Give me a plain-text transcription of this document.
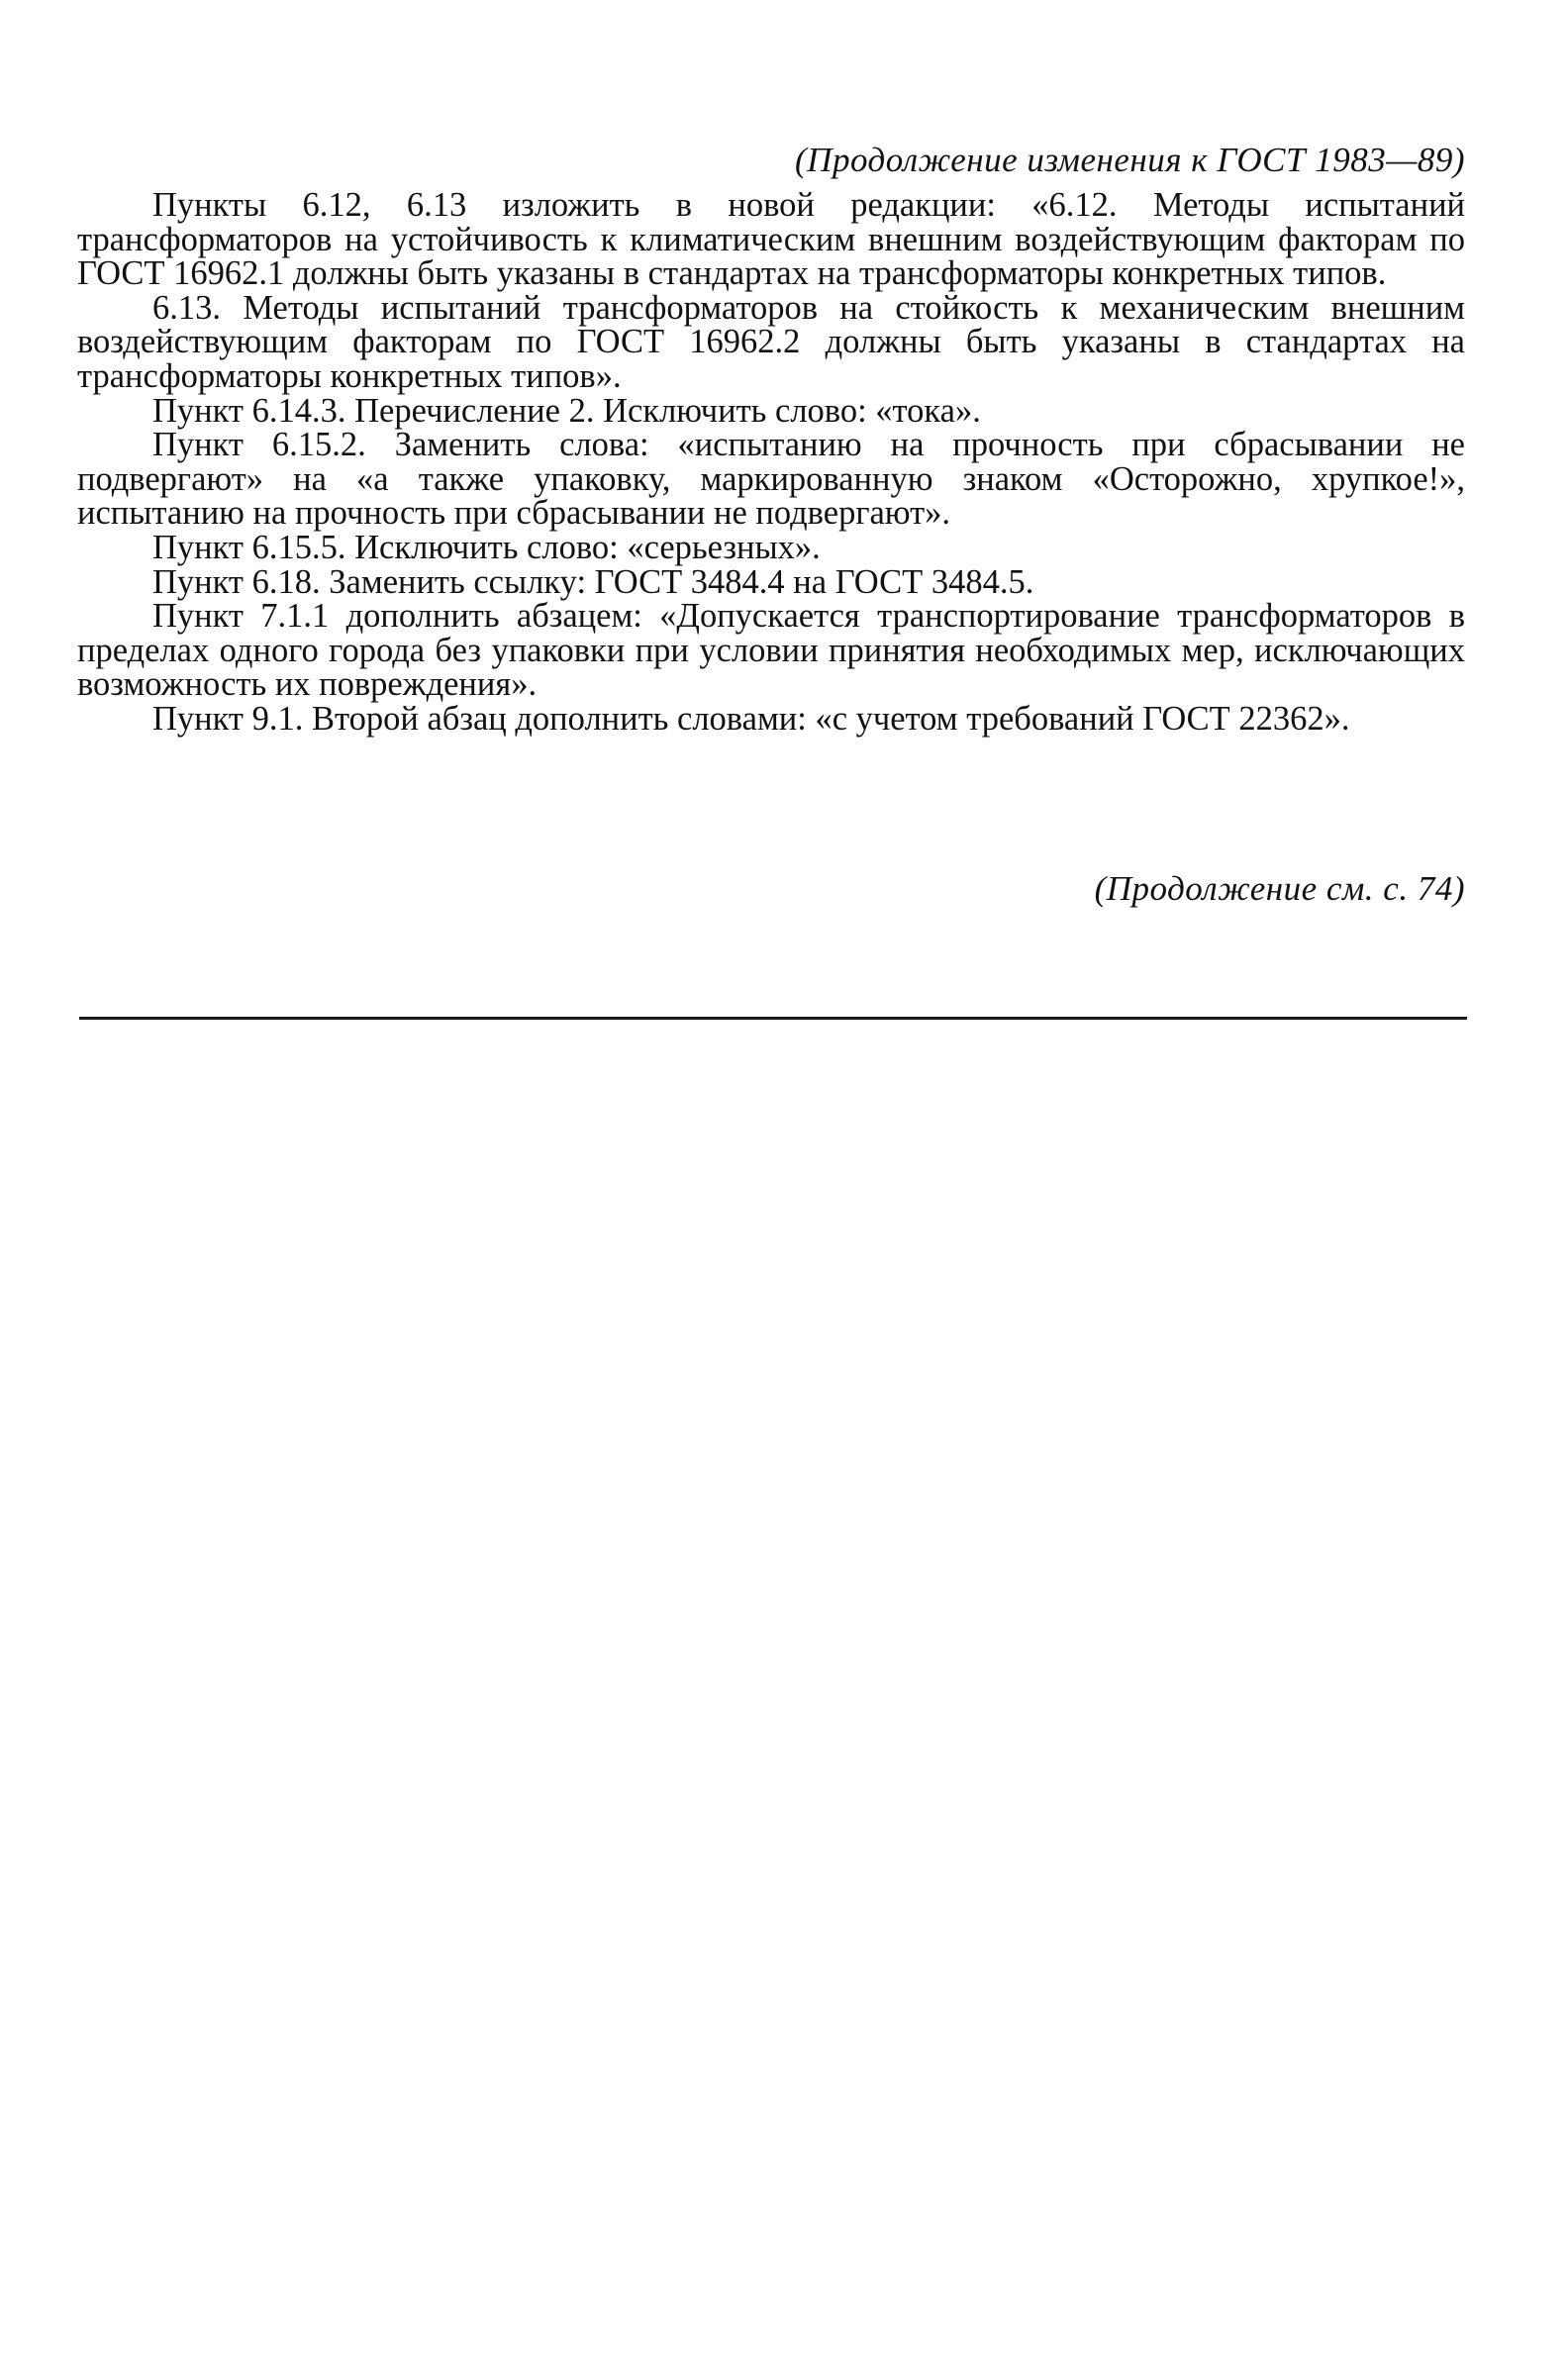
(Продолжение изменения к ГОСТ 1983—89)

Пункты 6.12, 6.13 изложить в новой редакции: «6.12. Методы испытаний трансформаторов на устойчивость к климатическим внешним воздействующим факторам по ГОСТ 16962.1 должны быть указаны в стандартах на трансформаторы конкретных типов.

6.13. Методы испытаний трансформаторов на стойкость к механическим внешним воздействующим факторам по ГОСТ 16962.2 должны быть указаны в стандартах на трансформаторы конкретных типов».

Пункт 6.14.3. Перечисление 2. Исключить слово: «тока».

Пункт 6.15.2. Заменить слова: «испытанию на прочность при сбрасывании не подвергают» на «а также упаковку, маркированную знаком «Осторожно, хрупкое!», испытанию на прочность при сбрасывании не подвергают».

Пункт 6.15.5. Исключить слово: «серьезных».

Пункт 6.18. Заменить ссылку: ГОСТ 3484.4 на ГОСТ 3484.5.

Пункт 7.1.1 дополнить абзацем: «Допускается транспортирование трансформаторов в пределах одного города без упаковки при условии принятия необходимых мер, исключающих возможность их повреждения».

Пункт 9.1. Второй абзац дополнить словами: «с учетом требований ГОСТ 22362».

(Продолжение см. с. 74)
